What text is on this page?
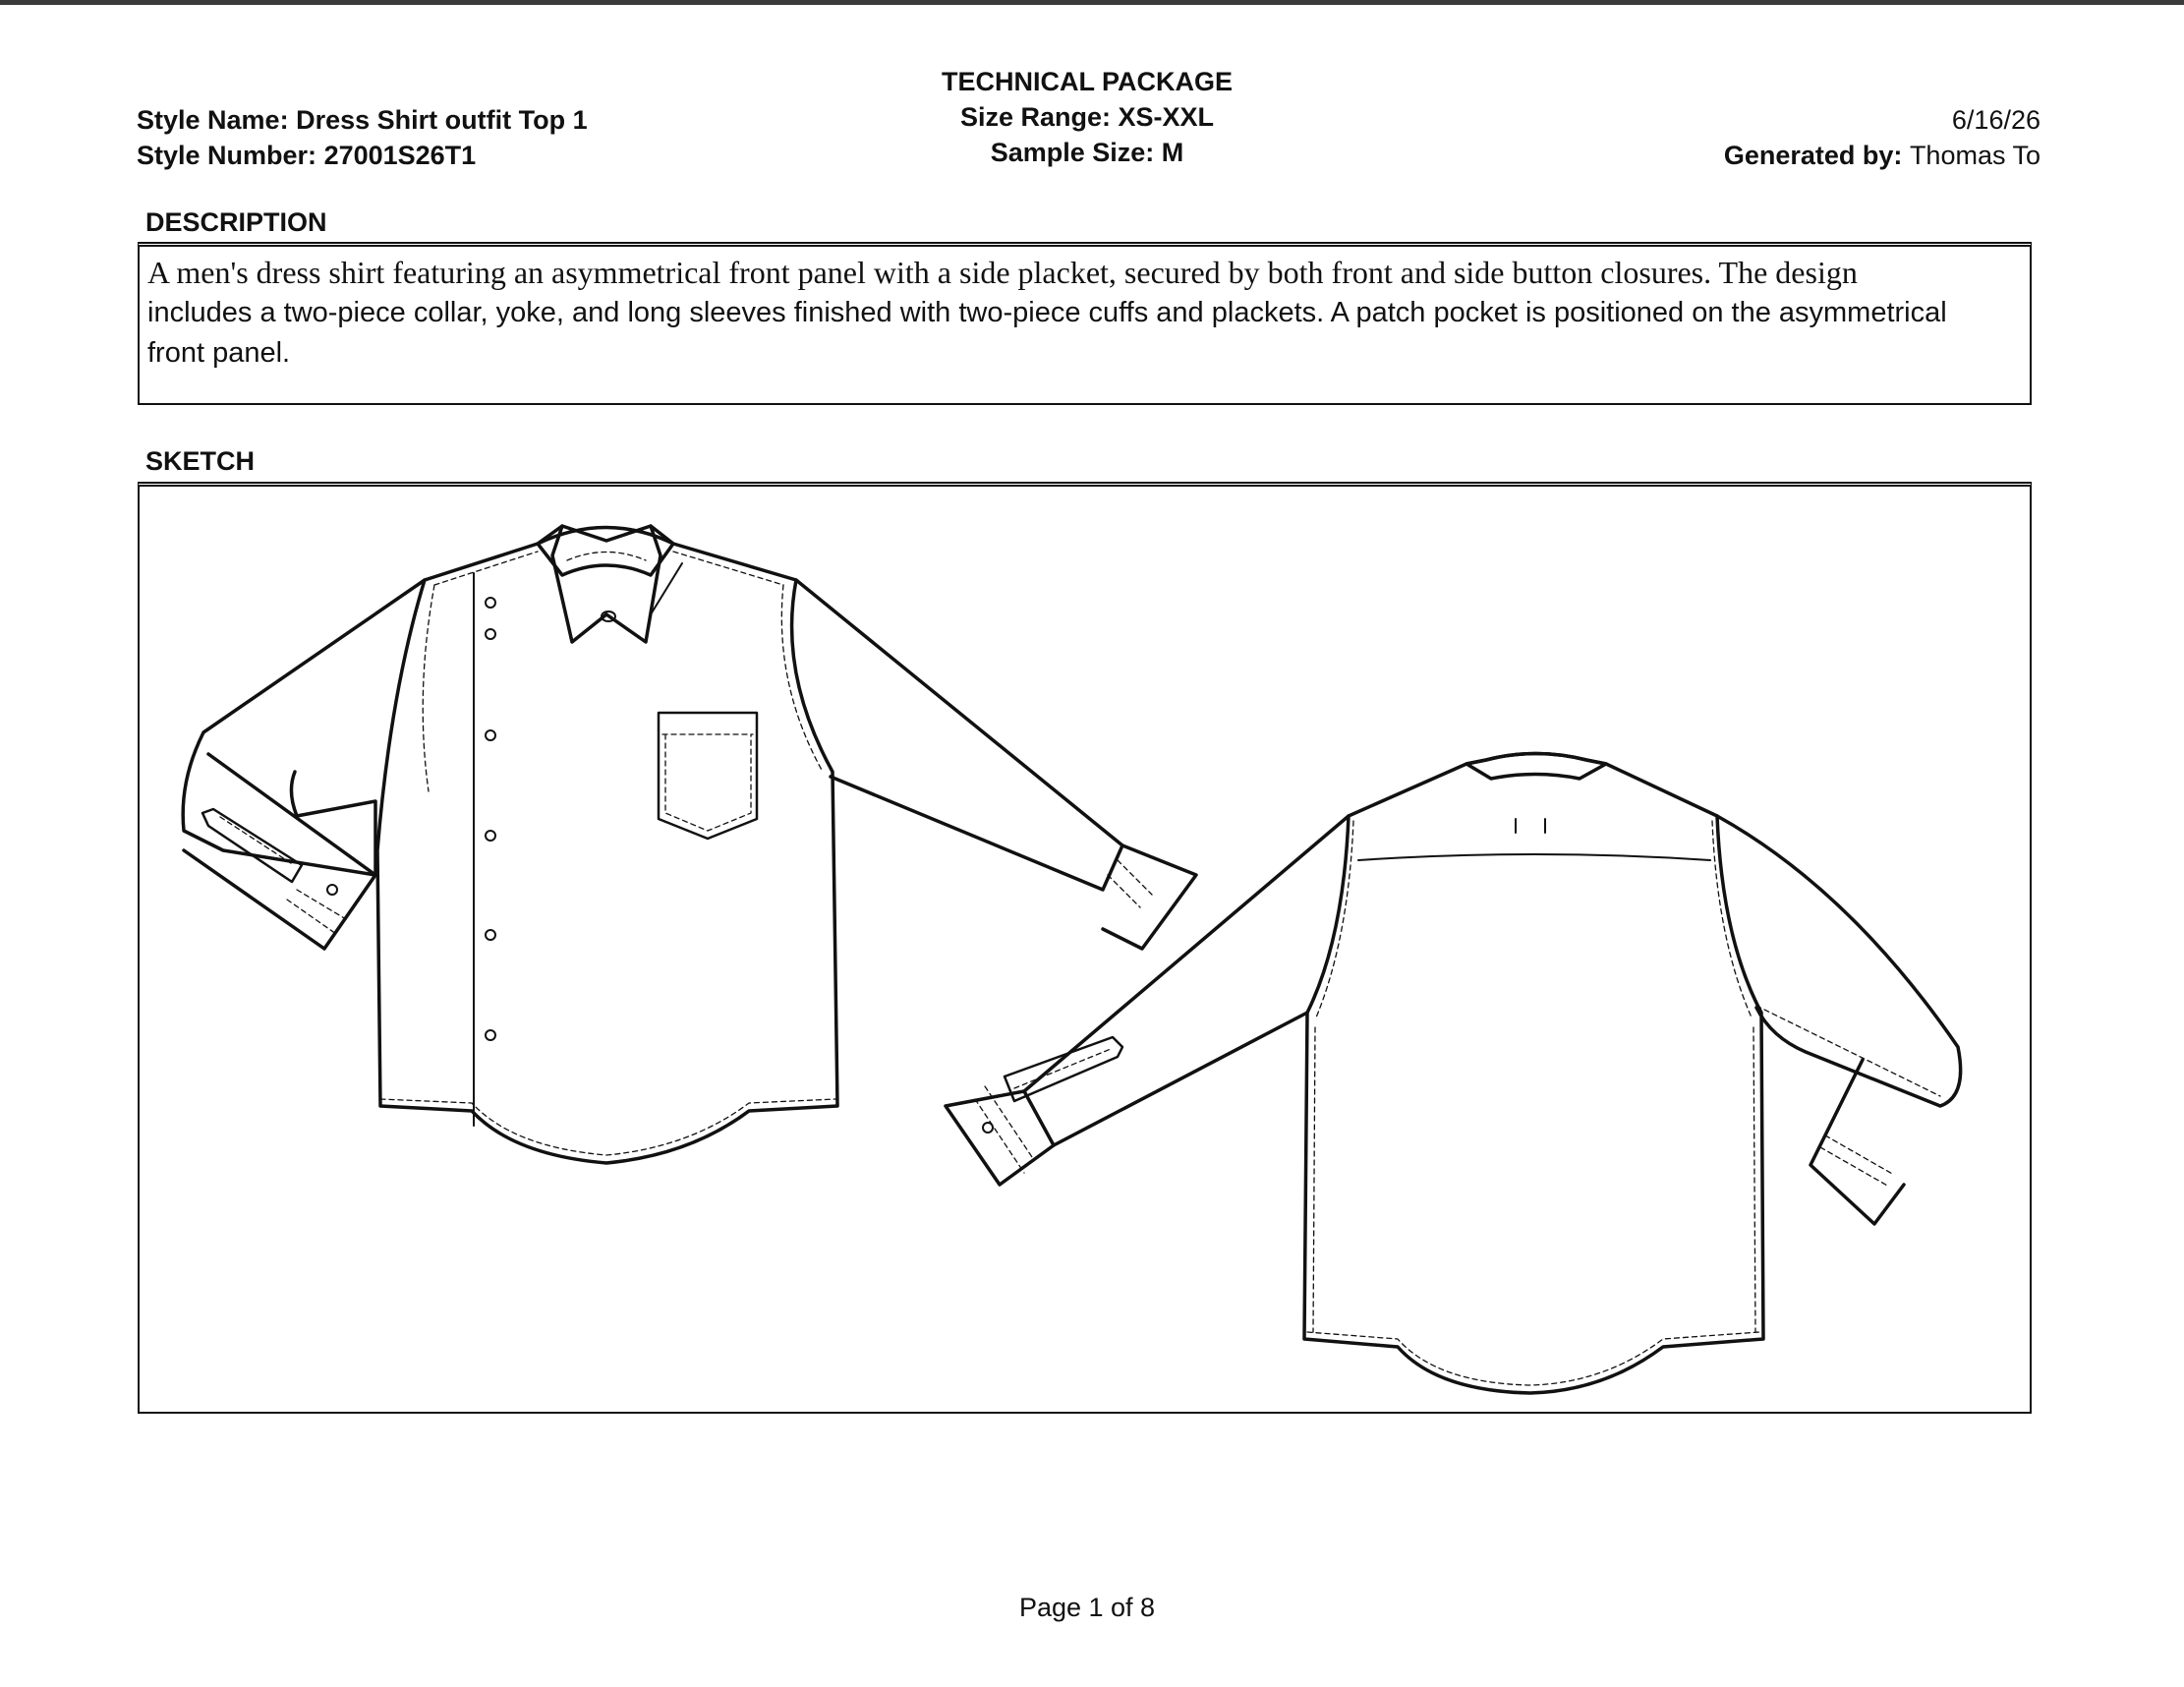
Style Name: Dress Shirt outfit Top 1
Style Number: 27001S26T1
TECHNICAL PACKAGE
Size Range: XS-XXL
Sample Size: M
6/16/26
Generated by: Thomas To
DESCRIPTION
A men's dress shirt featuring an asymmetrical front panel with a side placket, secured by both front and side button closures. The design
includes a two-piece collar, yoke, and long sleeves finished with two-piece cuffs and plackets. A patch pocket is positioned on the asymmetrical
front panel.
SKETCH
Page 1 of 8
